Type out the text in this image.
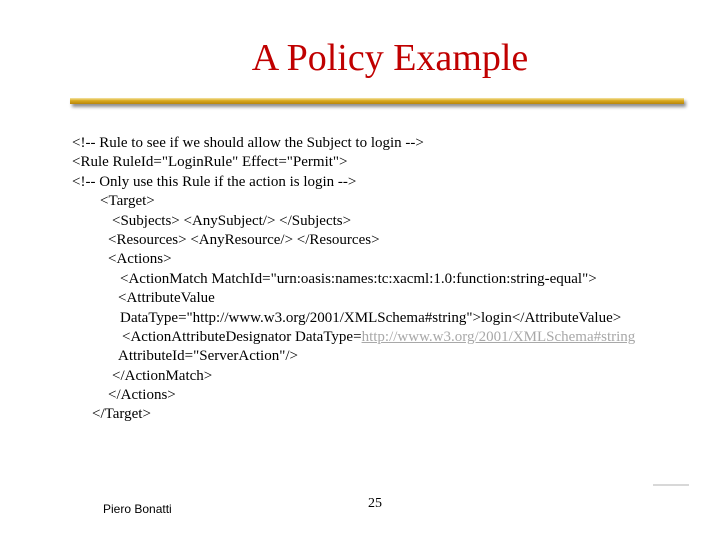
A Policy Example
<!-- Rule to see if we should allow the Subject to login -->
<Rule RuleId="LoginRule" Effect="Permit">
<!-- Only use this Rule if the action is login -->
<Target>
<Subjects> <AnySubject/> </Subjects>
<Resources> <AnyResource/> </Resources>
<Actions>
<ActionMatch MatchId="urn:oasis:names:tc:xacml:1.0:function:string-equal">
<AttributeValue
DataType="http://www.w3.org/2001/XMLSchema#string">login</AttributeValue>
<ActionAttributeDesignator DataType=http://www.w3.org/2001/XMLSchema#string
AttributeId="ServerAction"/>
</ActionMatch>
</Actions>
</Target>
Piero Bonatti	25
